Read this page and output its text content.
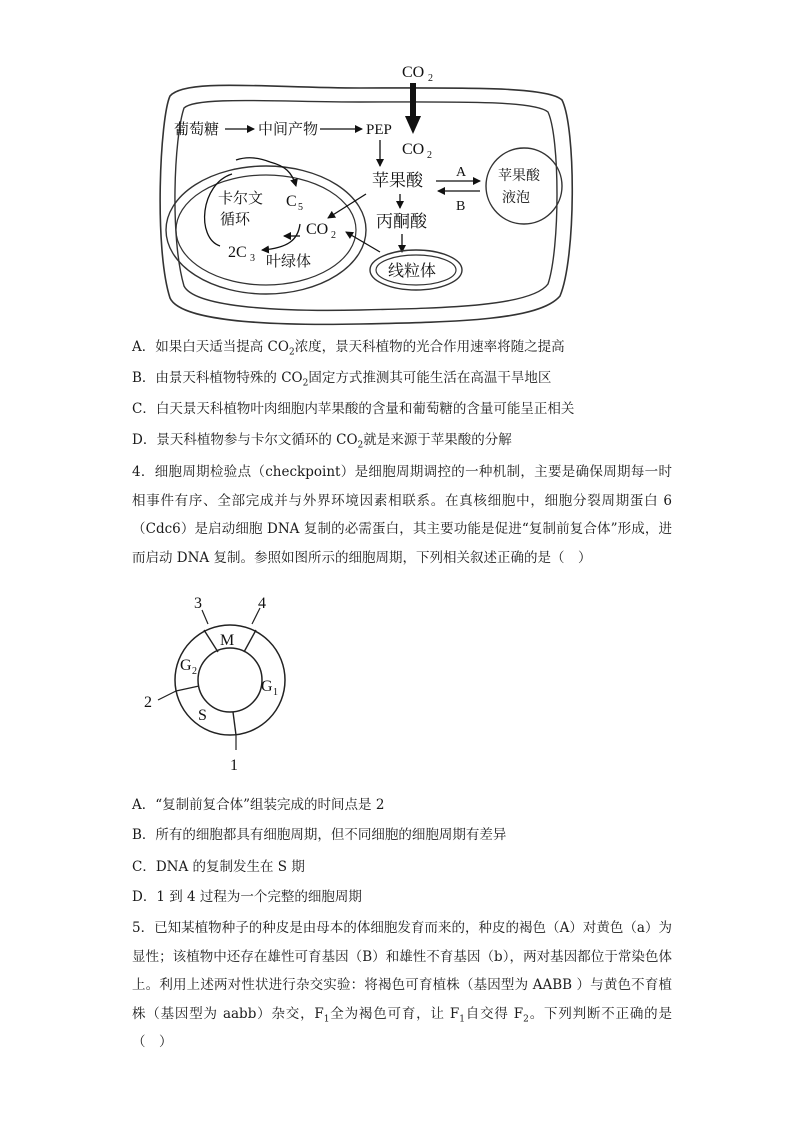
CO 2
葡萄糖	中间产物	PEP
CO 2
苹果酸 A
B
苹果酸
液泡
卡尔文
循环
C 5
CO 2
2C 3 叶绿体
丙酮酸
线粒体
A．如果白天适当提高 $CO_2$浓度，景天科植物的光合作用速率将随之提高
B．由景天科植物特殊的 $CO_2$固定方式推测其可能生活在高温干旱地区
C．白天景天科植物叶肉细胞内苹果酸的含量和葡萄糖的含量可能呈正相关
D．景天科植物参与卡尔文循环的 $CO_2$就是来源于苹果酸的分解
4．细胞周期检验点（checkpoint）是细胞周期调控的一种机制，主要是确保周期每一时相事件有序、全部完成并与外界环境因素相联系。在真核细胞中，细胞分裂周期蛋白 6（Cdc6）是启动细胞 DNA 复制的必需蛋白，其主要功能是促进“复制前复合体”形成，进而启动 DNA 复制。参照如图所示的细胞周期，下列相关叙述正确的是（　）
M
G 2
G 1
S
3	4
2
1
A．“复制前复合体”组装完成的时间点是 2
B．所有的细胞都具有细胞周期，但不同细胞的细胞周期有差异
C．DNA 的复制发生在 S 期
D．1 到 4 过程为一个完整的细胞周期
5．已知某植物种子的种皮是由母本的体细胞发育而来的，种皮的褐色（A）对黄色（a）为显性；该植物中还存在雄性可育基因（B）和雄性不育基因（b），两对基因都位于常染色体上。利用上述两对性状进行杂交实验：将褐色可育植株（基因型为 AABB ）与黄色不育植株（基因型为 aabb）杂交，$F_1$全为褐色可育，让 $F_1$自交得 $F_2$。下列判断不正确的是（　）
